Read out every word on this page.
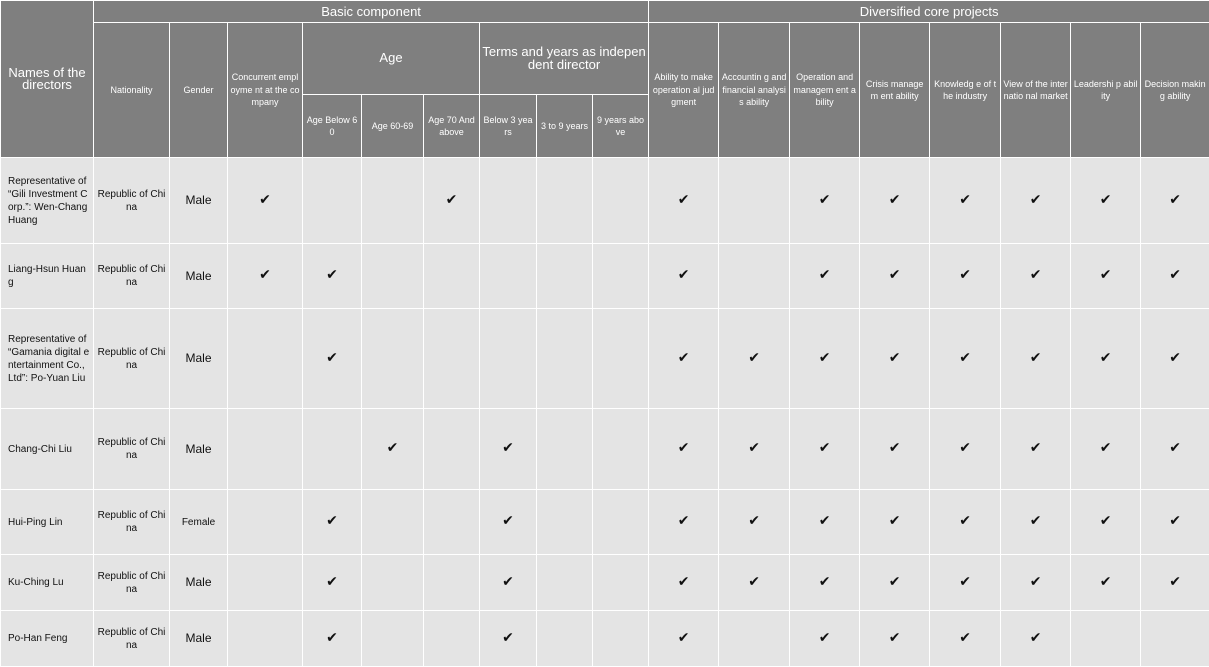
Names of the directors	Basic component									Diversified core projects							
	Nationality	Gender	Concurrent employme nt at the company	Age			Terms and years as independent director			Ability to make operation al judgment	Accountin g and financial analysis ability	Operation and managem ent ability	Crisis managem ent ability	Knowledg e of the industry	View of the internatio nal market	Leadershi p ability	Decision making ability
				Age Below 60	Age 60-69	Age 70 And above	Below 3 years	3 to 9 years	9 years above								
Representative of “Gili Investment Corp.”: Wen-Chang Huang	Republic of China	Male	✔			✔				✔		✔	✔	✔	✔	✔	✔
Liang-Hsun Huang	Republic of China	Male	✔	✔						✔		✔	✔	✔	✔	✔	✔
Representative of “Gamania digital entertainment Co., Ltd”: Po-Yuan Liu	Republic of China	Male		✔						✔	✔	✔	✔	✔	✔	✔	✔
Chang-Chi Liu	Republic of China	Male			✔		✔			✔	✔	✔	✔	✔	✔	✔	✔
Hui-Ping Lin	Republic of China	Female		✔			✔			✔	✔	✔	✔	✔	✔	✔	✔
Ku-Ching Lu	Republic of China	Male		✔			✔			✔	✔	✔	✔	✔	✔	✔	✔
Po-Han Feng	Republic of China	Male		✔			✔			✔		✔	✔	✔	✔		
